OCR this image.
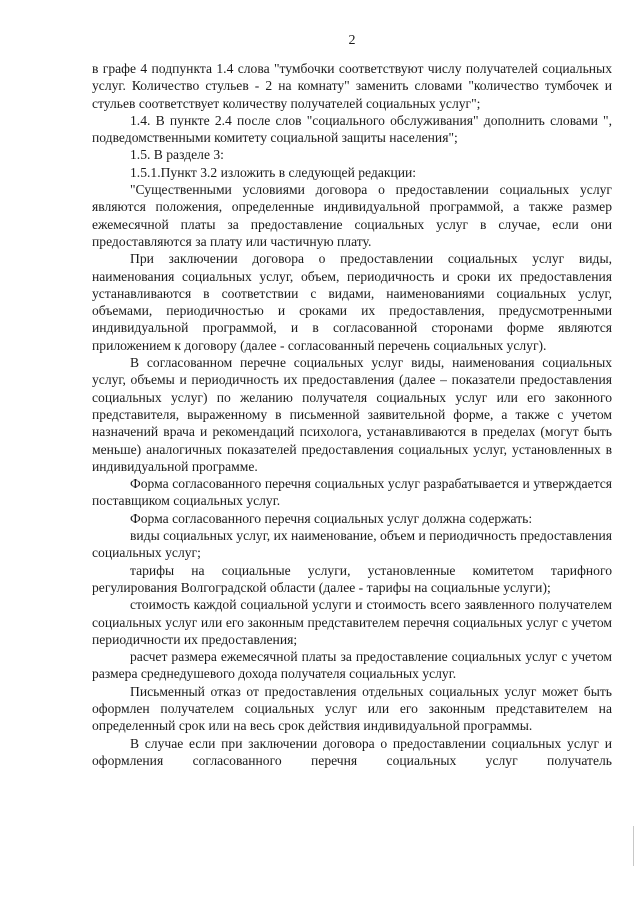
2

в графе 4 подпункта 1.4 слова "тумбочки соответствуют числу получателей социальных услуг. Количество стульев - 2 на комнату" заменить словами "количество тумбочек и стульев соответствует количеству получателей социальных услуг";

1.4. В пункте 2.4 после слов "социального обслуживания" дополнить словами ", подведомственными комитету социальной защиты населения";

1.5. В разделе 3:

1.5.1.Пункт 3.2 изложить в следующей редакции:

"Существенными условиями договора о предоставлении социальных услуг являются положения, определенные индивидуальной программой, а также размер ежемесячной платы за предоставление социальных услуг в случае, если они предоставляются за плату или частичную плату.

При заключении договора о предоставлении социальных услуг виды, наименования социальных услуг, объем, периодичность и сроки их предоставления устанавливаются в соответствии с видами, наименованиями социальных услуг, объемами, периодичностью и сроками их предоставления, предусмотренными индивидуальной программой, и в согласованной сторонами форме являются приложением к договору (далее - согласованный перечень социальных услуг).

В согласованном перечне социальных услуг виды, наименования социальных услуг, объемы и периодичность их предоставления (далее – показатели предоставления социальных услуг) по желанию получателя социальных услуг или его законного представителя, выраженному в письменной заявительной форме, а также с учетом назначений врача и рекомендаций психолога, устанавливаются в пределах (могут быть меньше) аналогичных показателей предоставления социальных услуг, установленных в индивидуальной программе.

Форма согласованного перечня социальных услуг разрабатывается и утверждается поставщиком социальных услуг.

Форма согласованного перечня социальных услуг должна содержать:

виды социальных услуг, их наименование, объем и периодичность предоставления социальных услуг;

тарифы на социальные услуги, установленные комитетом тарифного регулирования Волгоградской области (далее - тарифы на социальные услуги);

стоимость каждой социальной услуги и стоимость всего заявленного получателем социальных услуг или его законным представителем перечня социальных услуг с учетом периодичности их предоставления;

расчет размера ежемесячной платы за предоставление социальных услуг с учетом размера среднедушевого дохода получателя социальных услуг.

Письменный отказ от предоставления отдельных социальных услуг может быть оформлен получателем социальных услуг или его законным представителем на определенный срок или на весь срок действия индивидуальной программы.

В случае если при заключении договора о предоставлении социальных услуг и оформления согласованного перечня социальных услуг получатель
